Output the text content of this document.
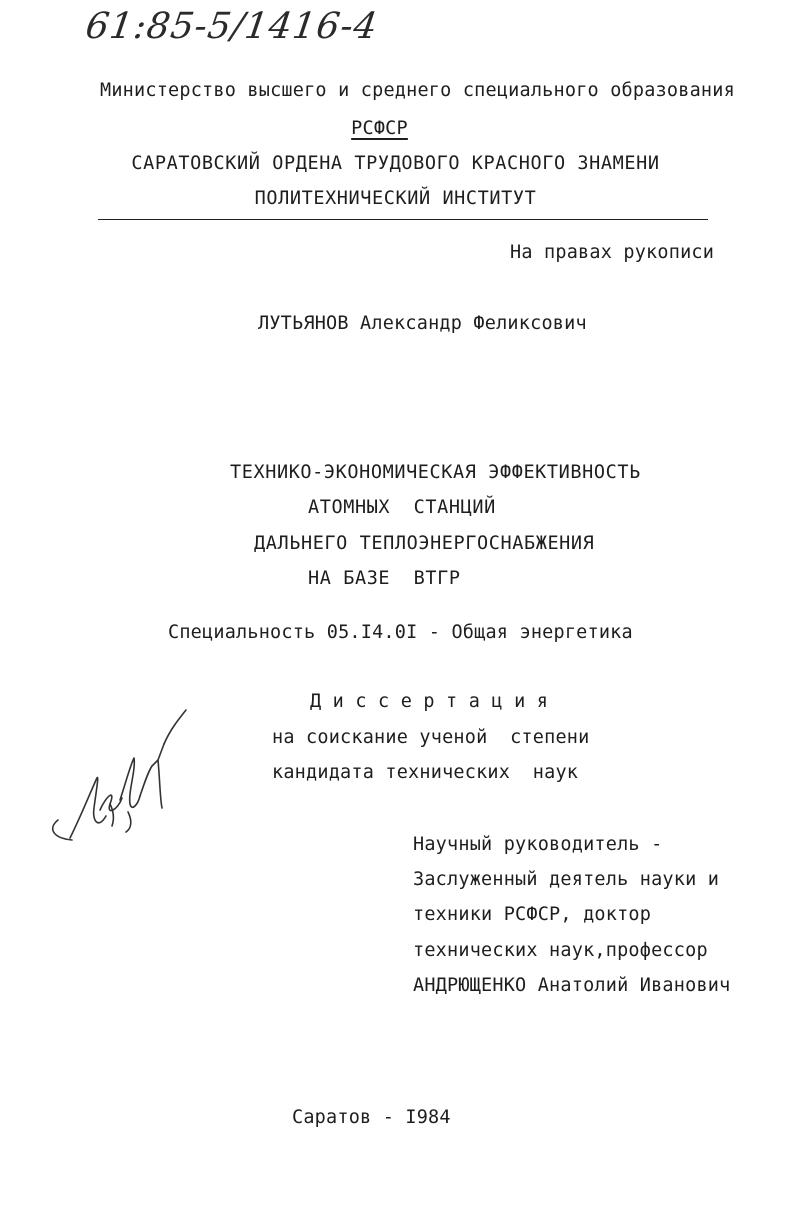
61:85-5/1416-4
Министерство высшего и среднего специального образования
РСФСР
САРАТОВСКИЙ ОРДЕНА ТРУДОВОГО КРАСНОГО ЗНАМЕНИ
ПОЛИТЕХНИЧЕСКИЙ ИНСТИТУТ
На правах рукописи
ЛУТЬЯНОВ Александр Феликсович
ТЕХНИКО-ЭКОНОМИЧЕСКАЯ ЭФФЕКТИВНОСТЬ
АТОМНЫХ  СТАНЦИЙ
ДАЛЬНЕГО ТЕПЛОЭНЕРГОСНАБЖЕНИЯ
НА БАЗЕ  ВТГР
Специальность 05.I4.0I - Общая энергетика
Д и с с е р т а ц и я
на соискание ученой  степени
кандидата технических  наук
Научный руководитель -
Заслуженный деятель науки и
техники РСФСР, доктор
технических наук,профессор
АНДРЮЩЕНКО Анатолий Иванович
Саратов - I984
